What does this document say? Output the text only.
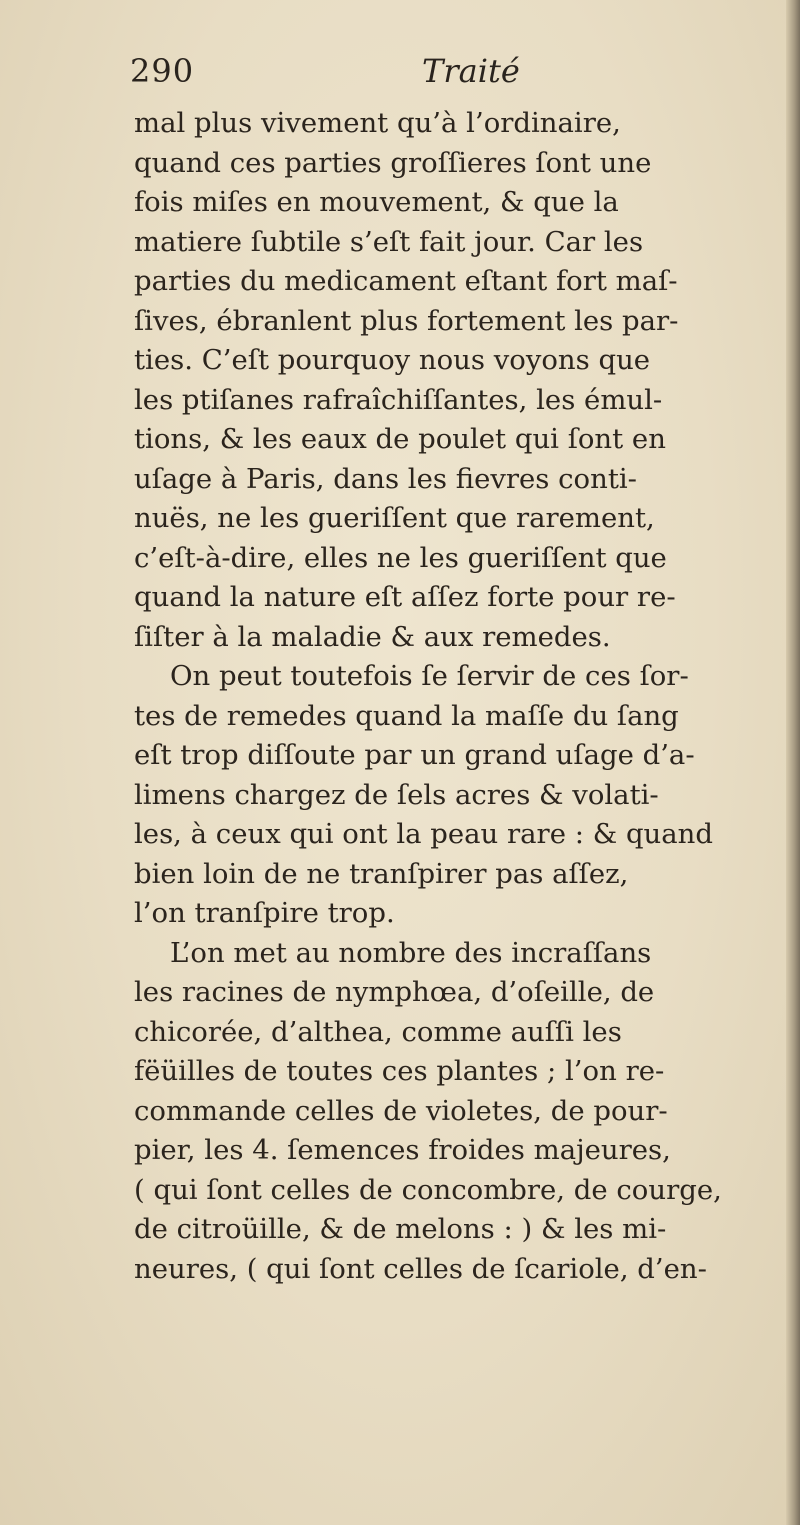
290	Traité
mal plus vivement qu’à l’ordinaire,
quand ces parties groſſieres ſont une
fois miſes en mouvement, & que la
matiere ſubtile s’eſt fait jour. Car les
parties du medicament eſtant fort maſ-
ſives, ébranlent plus fortement les par-
ties. C’eſt pourquoy nous voyons que
les ptiſanes rafraîchiſſantes, les émul-
tions, & les eaux de poulet qui ſont en
uſage à Paris, dans les fievres conti-
nuës, ne les gueriſſent que rarement,
c’eſt-à-dire, elles ne les gueriſſent que
quand la nature eſt aſſez forte pour re-
ſiſter à la maladie & aux remedes.
On peut toutefois ſe ſervir de ces ſor-
tes de remedes quand la maſſe du ſang
eſt trop diſſoute par un grand uſage d’a-
limens chargez de ſels acres & volati-
les, à ceux qui ont la peau rare : & quand
bien loin de ne tranſpirer pas aſſez,
l’on tranſpire trop.
L’on met au nombre des incraſſans
les racines de nymphœa, d’oſeille, de
chicorée, d’althea, comme auſſi les
fëüilles de toutes ces plantes ; l’on re-
commande celles de violetes, de pour-
pier, les 4. ſemences froides majeures,
( qui ſont celles de concombre, de courge,
de citroüille, & de melons : ) & les mi-
neures, ( qui ſont celles de ſcariole, d’en-
